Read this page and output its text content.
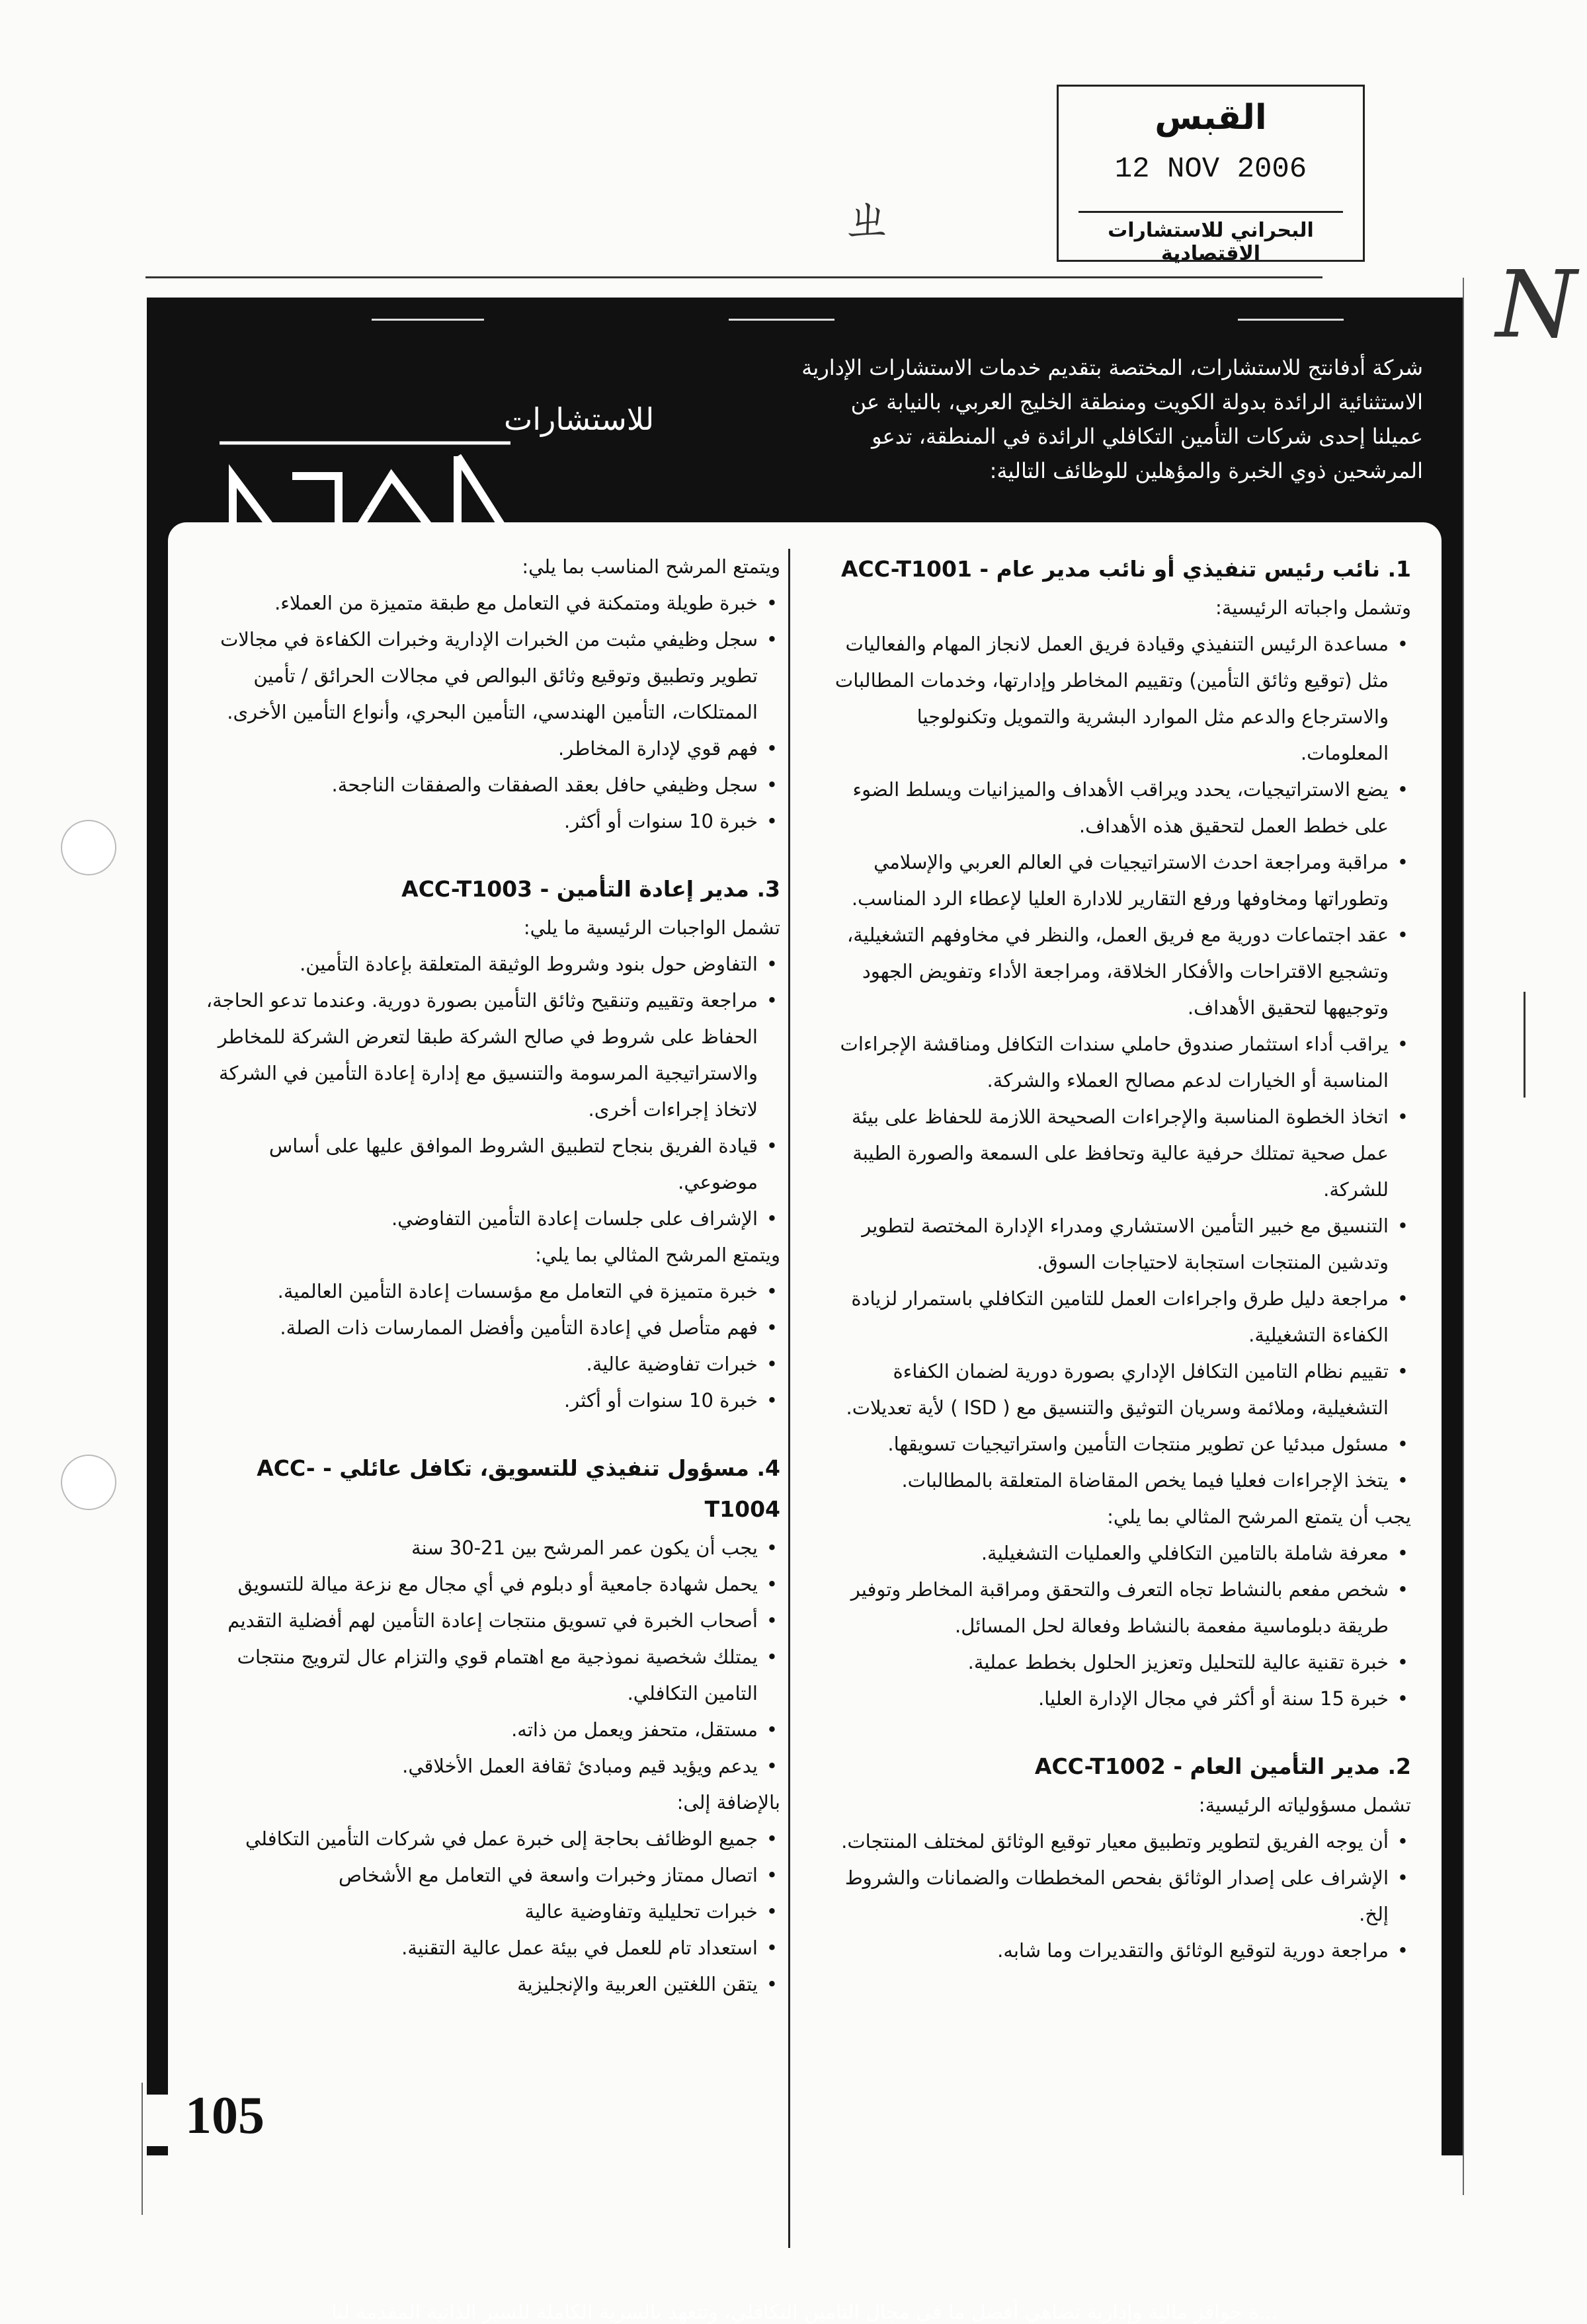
القبس
12 NOV 2006
البحراني للاستشارات الاقتصادية
ㄓ
N
للاستشارات
أدفانتج
شركة أدفانتج للاستشارات، المختصة بتقديم خدمات الاستشارات الإدارية الاستثنائية الرائدة بدولة الكويت ومنطقة الخليج العربي، بالنيابة عن عميلنا إحدى شركات التأمين التكافلي الرائدة في المنطقة، تدعو المرشحين ذوي الخبرة والمؤهلين للوظائف التالية:
1. نائب رئيس تنفيذي أو نائب مدير عام - ACC-T1001

وتشمل واجباته الرئيسية:

• مساعدة الرئيس التنفيذي وقيادة فريق العمل لانجاز المهام والفعاليات مثل (توقيع وثائق التأمين) وتقييم المخاطر وإدارتها، وخدمات المطالبات والاسترجاع والدعم مثل الموارد البشرية والتمويل وتكنولوجيا المعلومات.
• يضع الاستراتيجيات، يحدد ويراقب الأهداف والميزانيات ويسلط الضوء على خطط العمل لتحقيق هذه الأهداف.
• مراقبة ومراجعة احدث الاستراتيجيات في العالم العربي والإسلامي وتطوراتها ومخاوفها ورفع التقارير للادارة العليا لإعطاء الرد المناسب.
• عقد اجتماعات دورية مع فريق العمل، والنظر في مخاوفهم التشغيلية، وتشجيع الاقتراحات والأفكار الخلاقة، ومراجعة الأداء وتفويض الجهود وتوجيهها لتحقيق الأهداف.
• يراقب أداء استثمار صندوق حاملي سندات التكافل ومناقشة الإجراءات المناسبة أو الخيارات لدعم مصالح العملاء والشركة.
• اتخاذ الخطوة المناسبة والإجراءات الصحيحة اللازمة للحفاظ على بيئة عمل صحية تمتلك حرفية عالية وتحافظ على السمعة والصورة الطيبة للشركة.
• التنسيق مع خبير التأمين الاستشاري ومدراء الإدارة المختصة لتطوير وتدشين المنتجات استجابة لاحتياجات السوق.
• مراجعة دليل طرق واجراءات العمل للتامين التكافلي باستمرار لزيادة الكفاءة التشغيلية.
• تقييم نظام التامين التكافل الإداري بصورة دورية لضمان الكفاءة التشغيلية، وملائمة وسريان التوثيق والتنسيق مع ( ISD ) لأية تعديلات.
• مسئول مبدئيا عن تطوير منتجات التأمين واستراتيجيات تسويقها.
• يتخذ الإجراءات فعليا فيما يخص المقاضاة المتعلقة بالمطالبات.

يجب أن يتمتع المرشح المثالي بما يلي:

• معرفة شاملة بالتامين التكافلي والعمليات التشغيلية.
• شخص مفعم بالنشاط تجاه التعرف والتحقق ومراقبة المخاطر وتوفير طريقة دبلوماسية مفعمة بالنشاط وفعالة لحل المسائل.
• خبرة تقنية عالية للتحليل وتعزيز الحلول بخطط عملية.
• خبرة 15 سنة أو أكثر في مجال الإدارة العليا.
2. مدير التأمين العام - ACC-T1002

تشمل مسؤولياته الرئيسية:

• أن يوجه الفريق لتطوير وتطبيق معيار توقيع الوثائق لمختلف المنتجات.
• الإشراف على إصدار الوثائق بفحص المخططات والضمانات والشروط إلخ.
• مراجعة دورية لتوقيع الوثائق والتقديرات وما شابه.

ويتمتع المرشح المناسب بما يلي:

• خبرة طويلة ومتمكنة في التعامل مع طبقة متميزة من العملاء.
• سجل وظيفي مثبت من الخبرات الإدارية وخبرات الكفاءة في مجالات تطوير وتطبيق وتوقيع وثائق البوالص في مجالات الحرائق / تأمين الممتلكات، التأمين الهندسي، التأمين البحري، وأنواع التأمين الأخرى.
• فهم قوي لإدارة المخاطر.
• سجل وظيفي حافل بعقد الصفقات والصفقات الناجحة.
• خبرة 10 سنوات أو أكثر.
3. مدير إعادة التأمين - ACC-T1003

تشمل الواجبات الرئيسية ما يلي:

• التفاوض حول بنود وشروط الوثيقة المتعلقة بإعادة التأمين.
• مراجعة وتقييم وتنقيح وثائق التأمين بصورة دورية. وعندما تدعو الحاجة، الحفاظ على شروط في صالح الشركة طبقا لتعرض الشركة للمخاطر والاستراتيجية المرسومة والتنسيق مع إدارة إعادة التأمين في الشركة لاتخاذ إجراءات أخرى.
• قيادة الفريق بنجاح لتطبيق الشروط الموافق عليها على أساس موضوعي.
• الإشراف على جلسات إعادة التأمين التفاوضي.

ويتمتع المرشح المثالي بما يلي:

• خبرة متميزة في التعامل مع مؤسسات إعادة التأمين العالمية.
• فهم متأصل في إعادة التأمين وأفضل الممارسات ذات الصلة.
• خبرات تفاوضية عالية.
• خبرة 10 سنوات أو أكثر.
4. مسؤول تنفيذي للتسويق، تكافل عائلي - ACC-T1004
• يجب أن يكون عمر المرشح بين 21-30 سنة
• يحمل شهادة جامعية أو دبلوم في أي مجال مع نزعة ميالة للتسويق
• أصحاب الخبرة في تسويق منتجات إعادة التأمين لهم أفضلية التقديم
• يمتلك شخصية نموذجية مع اهتمام قوي والتزام عال لترويج منتجات التامين التكافلي.
• مستقل، متحفز ويعمل من ذاته.
• يدعم ويؤيد قيم ومبادئ ثقافة العمل الأخلاقي.

بالإضافة إلى:

• جميع الوظائف بحاجة إلى خبرة عمل في شركات التأمين التكافلي
• اتصال ممتاز وخبرات واسعة في التعامل مع الأشخاص
• خبرات تحليلية وتفاوضية عالية
• استعداد تام للعمل في بيئة عمل عالية التقنية.
• يتقن اللغتين العربية والإنجليزية
...ة حوافز مالية وإدارية تضاهي أفضل ما في مجال التامين التكافلي، وتتعهد بالسرية الكاملة للسير الذاتية المقدمة لنا
105
